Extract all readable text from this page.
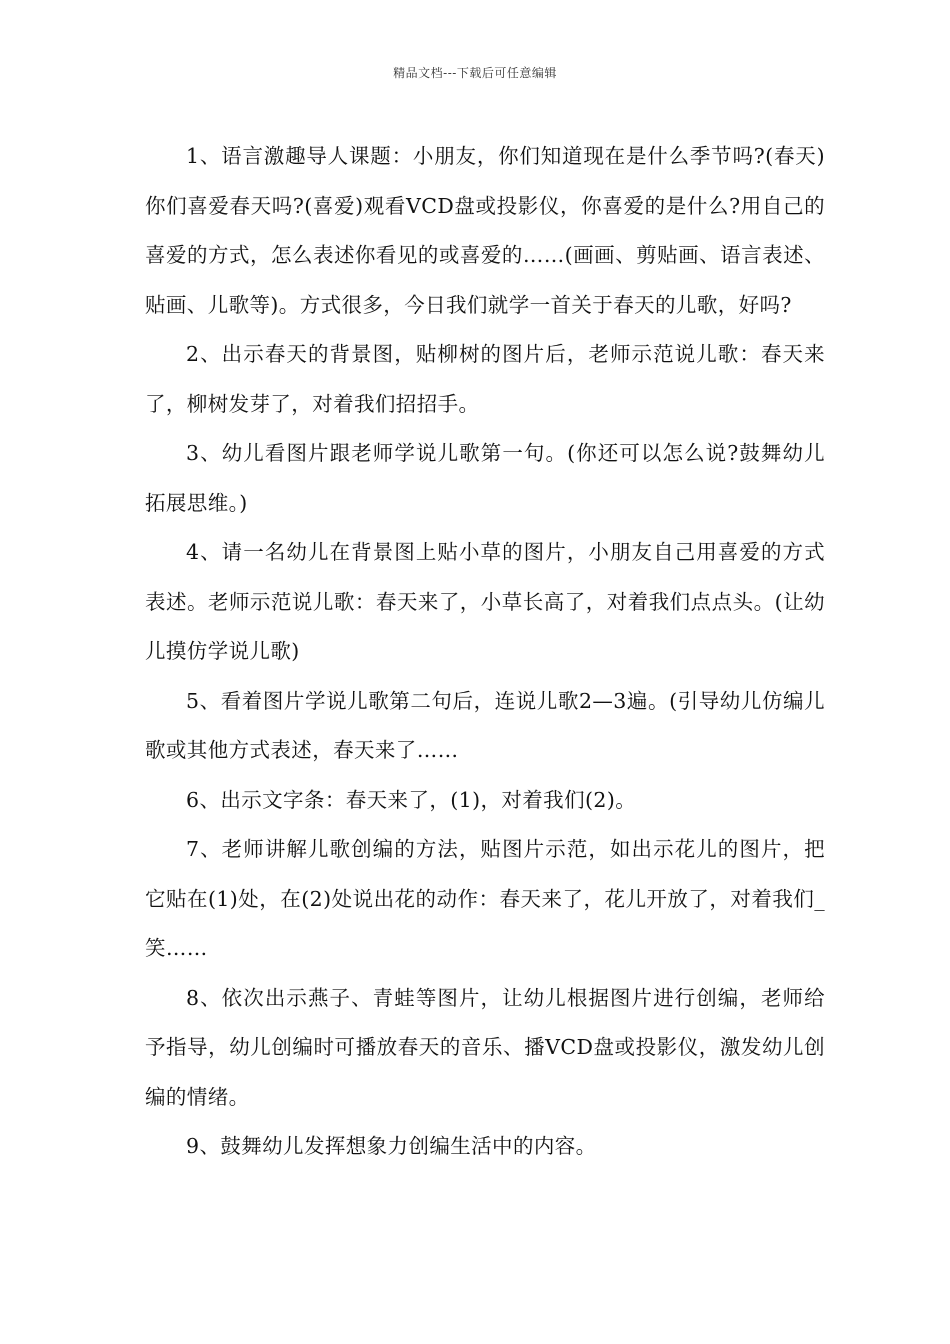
精品文档---下载后可任意编辑

1、语言激趣导人课题：小朋友，你们知道现在是什么季节吗?(春天)你们喜爱春天吗?(喜爱)观看VCD盘或投影仪，你喜爱的是什么?用自己的喜爱的方式，怎么表述你看见的或喜爱的……(画画、剪贴画、语言表述、贴画、儿歌等)。方式很多，今日我们就学一首关于春天的儿歌，好吗?

2、出示春天的背景图，贴柳树的图片后，老师示范说儿歌：春天来了，柳树发芽了，对着我们招招手。

3、幼儿看图片跟老师学说儿歌第一句。(你还可以怎么说?鼓舞幼儿拓展思维。)

4、请一名幼儿在背景图上贴小草的图片，小朋友自己用喜爱的方式表述。老师示范说儿歌：春天来了，小草长高了，对着我们点点头。(让幼儿摸仿学说儿歌)

5、看着图片学说儿歌第二句后，连说儿歌2—3遍。(引导幼儿仿编儿歌或其他方式表述，春天来了……

6、出示文字条：春天来了，(1)，对着我们(2)。

7、老师讲解儿歌创编的方法，贴图片示范，如出示花儿的图片，把它贴在(1)处，在(2)处说出花的动作：春天来了，花儿开放了，对着我们_笑……

8、依次出示燕子、青蛙等图片，让幼儿根据图片进行创编，老师给予指导，幼儿创编时可播放春天的音乐、播VCD盘或投影仪，激发幼儿创编的情绪。

9、鼓舞幼儿发挥想象力创编生活中的内容。
